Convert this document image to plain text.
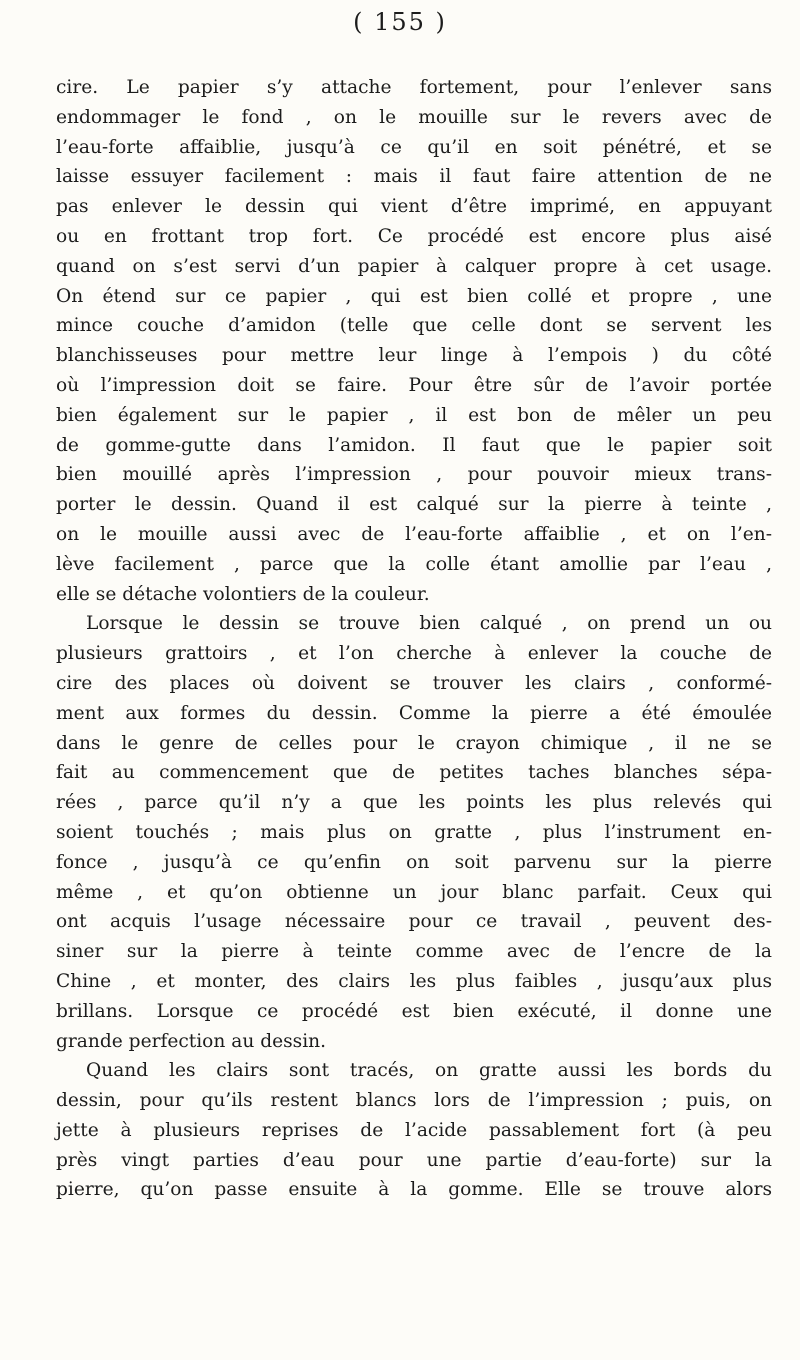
( 155 )
cire. Le papier s’y attache fortement, pour l’enlever sans
endommager le fond , on le mouille sur le revers avec de
l’eau-forte affaiblie, jusqu’à ce qu’il en soit pénétré, et se
laisse essuyer facilement : mais il faut faire attention de ne
pas enlever le dessin qui vient d’être imprimé, en appuyant
ou en frottant trop fort. Ce procédé est encore plus aisé
quand on s’est servi d’un papier à calquer propre à cet usage.
On étend sur ce papier , qui est bien collé et propre , une
mince couche d’amidon (telle que celle dont se servent les
blanchisseuses pour mettre leur linge à l’empois ) du côté
où l’impression doit se faire. Pour être sûr de l’avoir portée
bien également sur le papier , il est bon de mêler un peu
de gomme-gutte dans l’amidon. Il faut que le papier soit
bien mouillé après l’impression , pour pouvoir mieux trans-
porter le dessin. Quand il est calqué sur la pierre à teinte ,
on le mouille aussi avec de l’eau-forte affaiblie , et on l’en-
lève facilement , parce que la colle étant amollie par l’eau ,
elle se détache volontiers de la couleur.
Lorsque le dessin se trouve bien calqué , on prend un ou
plusieurs grattoirs , et l’on cherche à enlever la couche de
cire des places où doivent se trouver les clairs , conformé-
ment aux formes du dessin. Comme la pierre a été émoulée
dans le genre de celles pour le crayon chimique , il ne se
fait au commencement que de petites taches blanches sépa-
rées , parce qu’il n’y a que les points les plus relevés qui
soient touchés ; mais plus on gratte , plus l’instrument en-
fonce , jusqu’à ce qu’enfin on soit parvenu sur la pierre
même , et qu’on obtienne un jour blanc parfait. Ceux qui
ont acquis l’usage nécessaire pour ce travail , peuvent des-
siner sur la pierre à teinte comme avec de l’encre de la
Chine , et monter, des clairs les plus faibles , jusqu’aux plus
brillans. Lorsque ce procédé est bien exécuté, il donne une
grande perfection au dessin.
Quand les clairs sont tracés, on gratte aussi les bords du
dessin, pour qu’ils restent blancs lors de l’impression ; puis, on
jette à plusieurs reprises de l’acide passablement fort (à peu
près vingt parties d’eau pour une partie d’eau-forte) sur la
pierre, qu’on passe ensuite à la gomme. Elle se trouve alors
